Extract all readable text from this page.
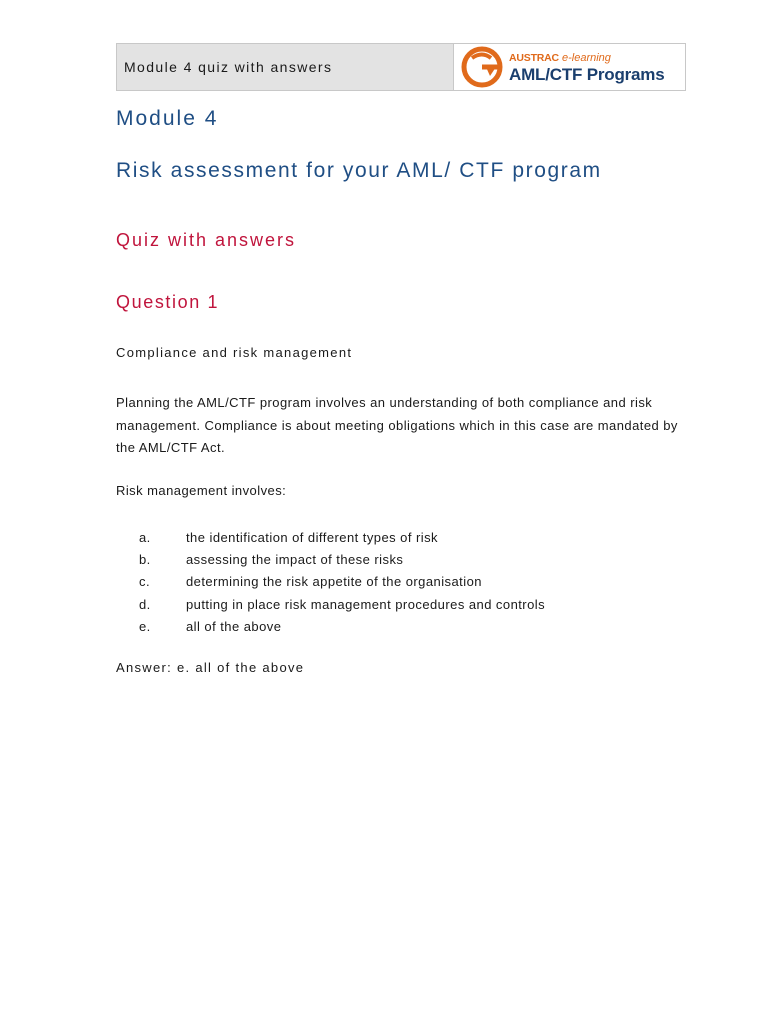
Module 4 quiz with answers
AUSTRAC e-learning
AML/CTF Programs
Module 4
Risk assessment for your AML/ CTF program
Quiz with answers
Question 1

Compliance and risk management

Planning the AML/CTF program involves an understanding of both compliance and risk management. Compliance is about meeting obligations which in this case are mandated by the AML/CTF Act.

Risk management involves:

a.	the identification of different types of risk
b.	assessing the impact of these risks
c.	determining the risk appetite of the organisation
d.	putting in place risk management procedures and controls
e.	all of the above

Answer: e. all of the above
